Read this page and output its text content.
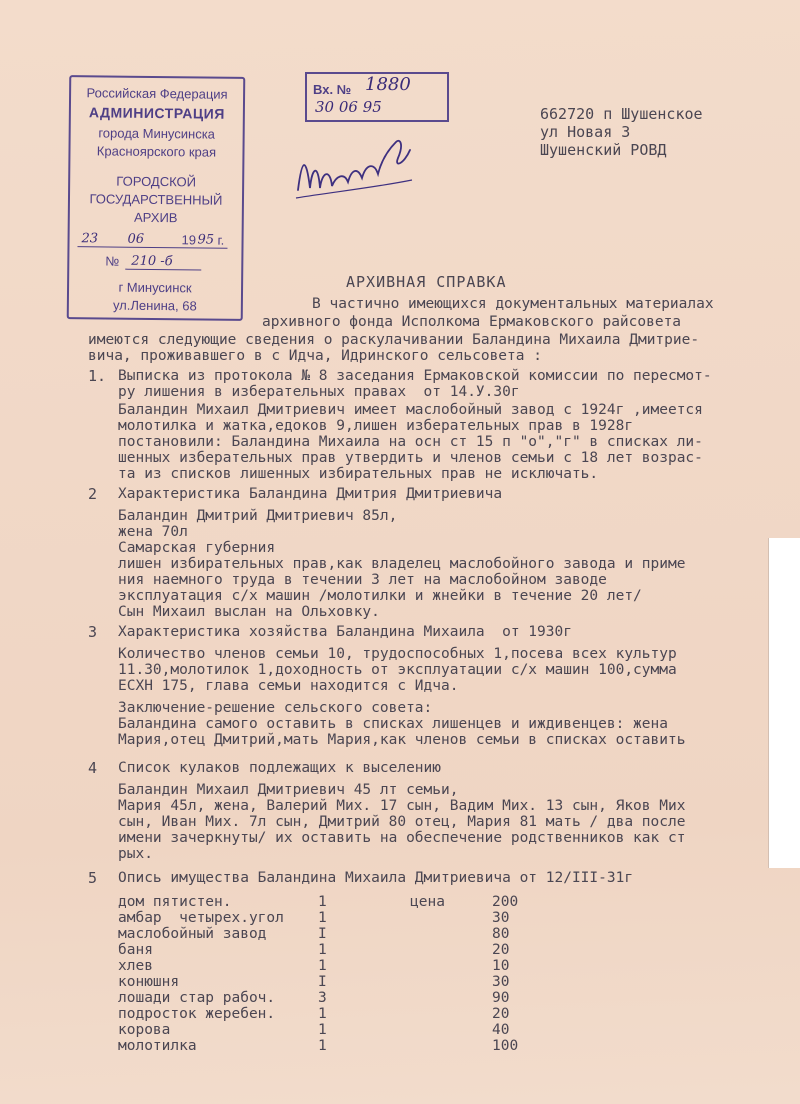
Российская Федерация
АДМИНИСТРАЦИЯ
города Минусинска
Красноярского края
ГОРОДСКОЙ
ГОСУДАРСТВЕННЫЙ
АРХИВ
23 06	19 95 г.
№ 210 -б
г Минусинск
ул.Ленина, 68
Вх. № 1880
30 06 95	662720 п Шушенское
ул Новая 3
Шушенский РОВД
АРХИВНАЯ СПРАВКА
В частично имеющихся документальных материалах
архивного фонда Исполкома Ермаковского райсовета
имеются следующие сведения о раскулачивании Баландина Михаила Дмитрие-
вича, проживавшего в с Идча, Идринского сельсовета :
1. Выписка из протокола № 8 заседания Ермаковской комиссии по пересмот-
ру лишения в изберательных правах  от 14.У.30г
Баландин Михаил Дмитриевич имеет маслобойный завод с 1924г ,имеется
молотилка и жатка,едоков 9,лишен изберательных прав в 1928г
постановили: Баландина Михаила на осн ст 15 п "о","г" в списках ли-
шенных изберательных прав утвердить и членов семьи с 18 лет возрас-
та из списков лишенных избирательных прав не исключать.
2 Характеристика Баландина Дмитрия Дмитриевича
Баландин Дмитрий Дмитриевич 85л,
жена 70л
Самарская губерния
лишен избирательных прав,как владелец маслобойного завода и приме
ния наемного труда в течении 3 лет на маслобойном заводе
эксплуатация с/х машин /молотилки и жнейки в течение 20 лет/
Сын Михаил выслан на Ольховку.
3 Характеристика хозяйства Баландина Михаила  от 1930г
Количество членов семьи 10, трудоспособных 1,посева всех культур
11.30,молотилок 1,доходность от эксплуатации с/х машин 100,сумма
ЕСХН 175, глава семьи находится с Идча.
Заключение-решение сельского совета:
Баландина самого оставить в списках лишенцев и иждивенцев: жена
Мария,отец Дмитрий,мать Мария,как членов семьи в списках оставить
4 Список кулаков подлежащих к выселению
Баландин Михаил Дмитриевич 45 лт семьи,
Мария 45л, жена, Валерий Мих. 17 сын, Вадим Мих. 13 сын, Яков Мих
сын, Иван Мих. 7л сын, Дмитрий 80 отец, Мария 81 мать / два после
имени зачеркнуты/ их оставить на обеспечение родственников как ст
рых.
5 Опись имущества Баландина Михаила Дмитриевича от 12/III-31г
цена
дом пятистен.	1	200
амбар  четырех.угол 1	30
маслобойный завод	I	80
баня	1	20
хлев	1	10
конюшня	I	30
лошади стар рабоч.	3	90
подросток жеребен.	1	20
корова	1	40
молотилка	1	100
